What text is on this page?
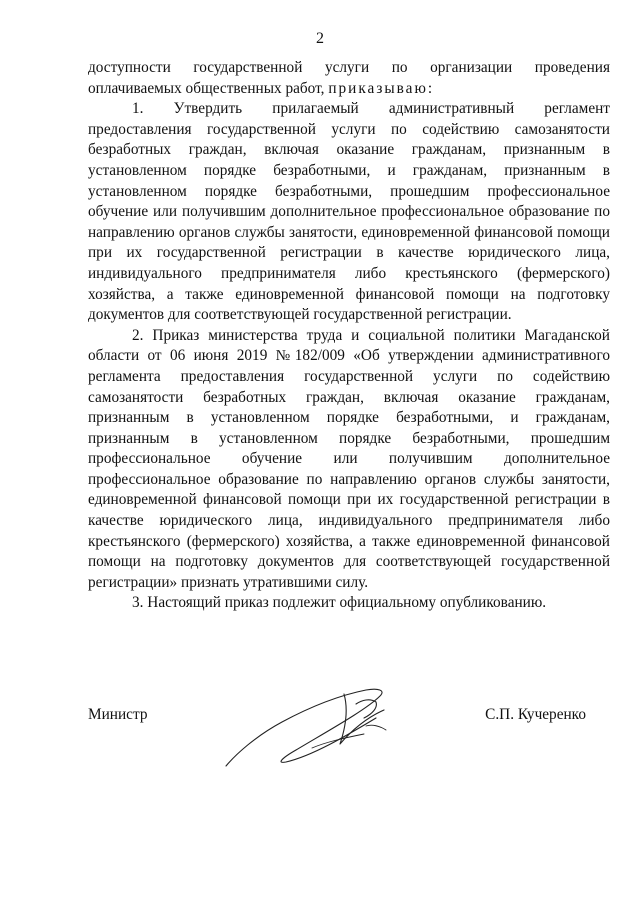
2

доступности государственной услуги по организации проведения оплачиваемых общественных работ, приказываю:

1. Утвердить прилагаемый административный регламент предоставления государственной услуги по содействию самозанятости безработных граждан, включая оказание гражданам, признанным в установленном порядке безработными, и гражданам, признанным в установленном порядке безработными, прошедшим профессиональное обучение или получившим дополнительное профессиональное образование по направлению органов службы занятости, единовременной финансовой помощи при их государственной регистрации в качестве юридического лица, индивидуального предпринимателя либо крестьянского (фермерского) хозяйства, а также единовременной финансовой помощи на подготовку документов для соответствующей государственной регистрации.

2. Приказ министерства труда и социальной политики Магаданской области от 06 июня 2019 №182/009 «Об утверждении административного регламента предоставления государственной услуги по содействию самозанятости безработных граждан, включая оказание гражданам, признанным в установленном порядке безработными, и гражданам, признанным в установленном порядке безработными, прошедшим профессиональное обучение или получившим дополнительное профессиональное образование по направлению органов службы занятости, единовременной финансовой помощи при их государственной регистрации в качестве юридического лица, индивидуального предпринимателя либо крестьянского (фермерского) хозяйства, а также единовременной финансовой помощи на подготовку документов для соответствующей государственной регистрации» признать утратившими силу.

3. Настоящий приказ подлежит официальному опубликованию.

Министр	С.П. Кучеренко
